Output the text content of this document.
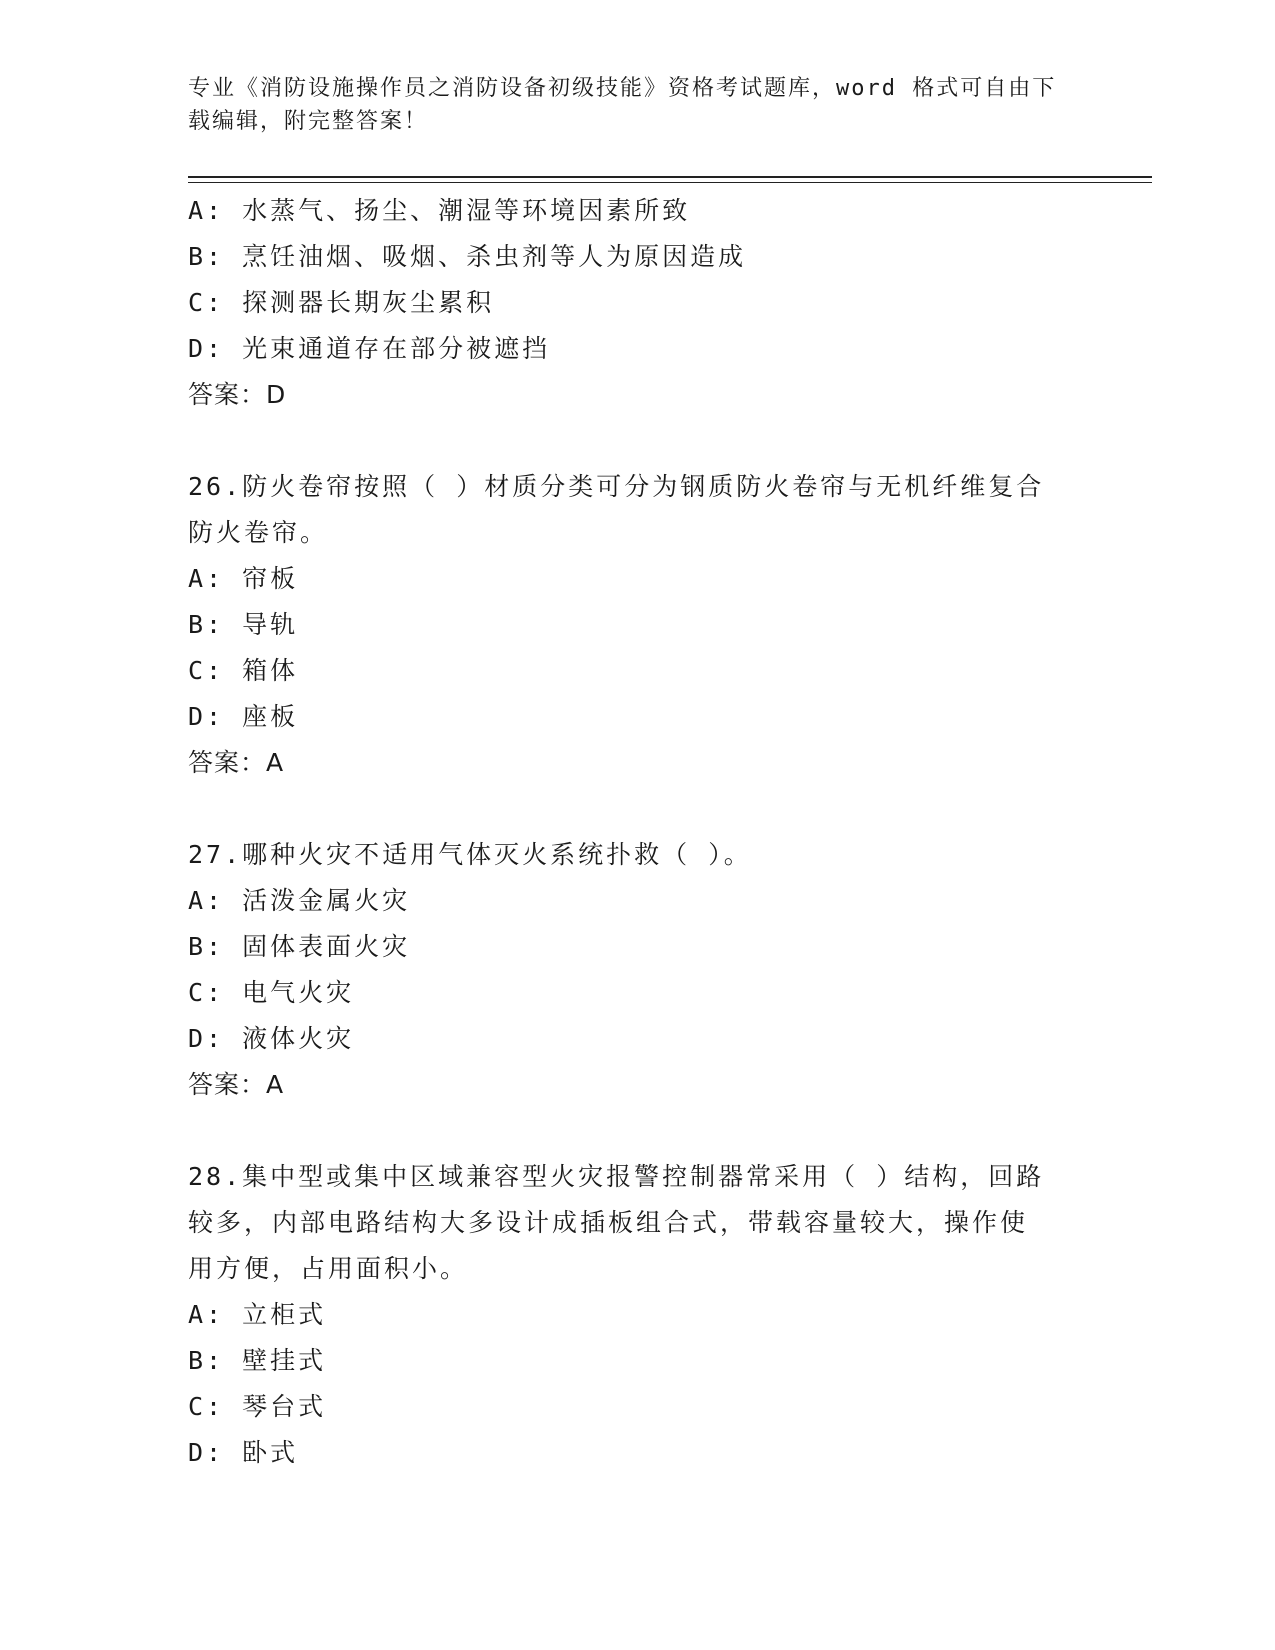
专业《消防设施操作员之消防设备初级技能》资格考试题库，word 格式可自由下
载编辑，附完整答案！
A: 水蒸气、扬尘、潮湿等环境因素所致
B: 烹饪油烟、吸烟、杀虫剂等人为原因造成
C: 探测器长期灰尘累积
D: 光束通道存在部分被遮挡
答案：D
26.防火卷帘按照（ ）材质分类可分为钢质防火卷帘与无机纤维复合
防火卷帘。
A: 帘板
B: 导轨
C: 箱体
D: 座板
答案：A
27.哪种火灾不适用气体灭火系统扑救（ ）。
A: 活泼金属火灾
B: 固体表面火灾
C: 电气火灾
D: 液体火灾
答案：A
28.集中型或集中区域兼容型火灾报警控制器常采用（ ）结构，回路
较多，内部电路结构大多设计成插板组合式，带载容量较大，操作使
用方便，占用面积小。
A: 立柜式
B: 壁挂式
C: 琴台式
D: 卧式
